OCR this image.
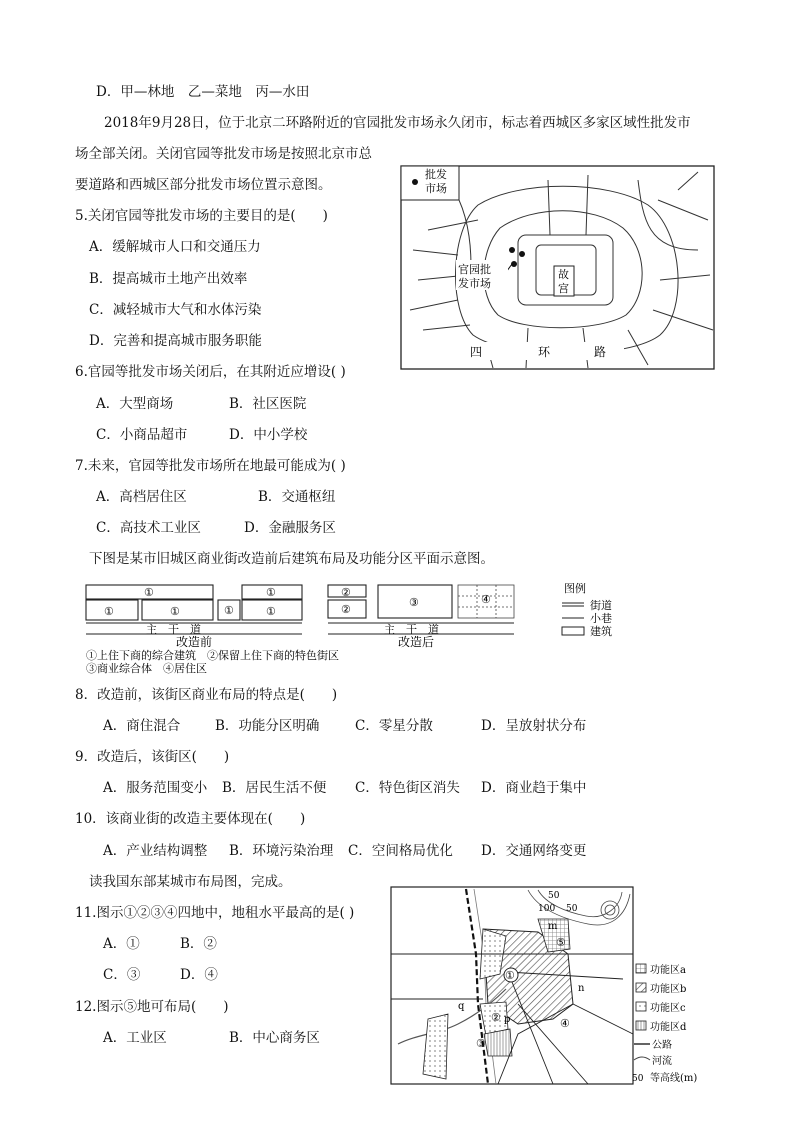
D．甲—林地　乙—菜地　丙—水田
2018年9月28日，位于北京二环路附近的官园批发市场永久闭市，标志着西城区多家区域性批发市
场全部关闭。关闭官园等批发市场是按照北京市总
要道路和西城区部分批发市场位置示意图。
5.关闭官园等批发市场的主要目的是(　　)
A．缓解城市人口和交通压力
B．提高城市土地产出效率
C．减轻城市大气和水体污染
D．完善和提高城市服务职能
6.官园等批发市场关闭后，在其附近应增设( )
A．大型商场	B．社区医院
C．小商品超市	D．中小学校
7.未来，官园等批发市场所在地最可能成为( )
A．高档居住区	B．交通枢纽
C．高技术工业区	D．金融服务区
下图是某市旧城区商业街改造前后建筑布局及功能分区平面示意图。
8．改造前，该街区商业布局的特点是(　　)
A．商住混合	B．功能分区明确	C．零星分散	D．呈放射状分布
9．改造后，该街区(　　)
A．服务范围变小 B．居民生活不便 C．特色街区消失 D．商业趋于集中
10．该商业街的改造主要体现在(　　)
A．产业结构调整 B．环境污染治理 C．空间格局优化 D．交通网络变更
读我国东部某城市布局图，完成。
11.图示①②③④四地中，地租水平最高的是( )
A．①	B．②
C．③	D．④
12.图示⑤地可布局(　　)
A．工业区	B．中心商务区
批发
市场
故
宫
官园批
发市场
四	环	路
①
①	①	①
①
①
②
②
③	④
主　干　道	主　干　道
改造前	改造后
①上住下商的综合建筑　②保留上住下商的特色街区
③商业综合体　④居住区
图例
街道
小巷
建筑
50
100 50
①
②
③
④
⑤
m
n
p
q
功能区a
功能区b
功能区c
功能区d
公路
河流
50 等高线(m)
